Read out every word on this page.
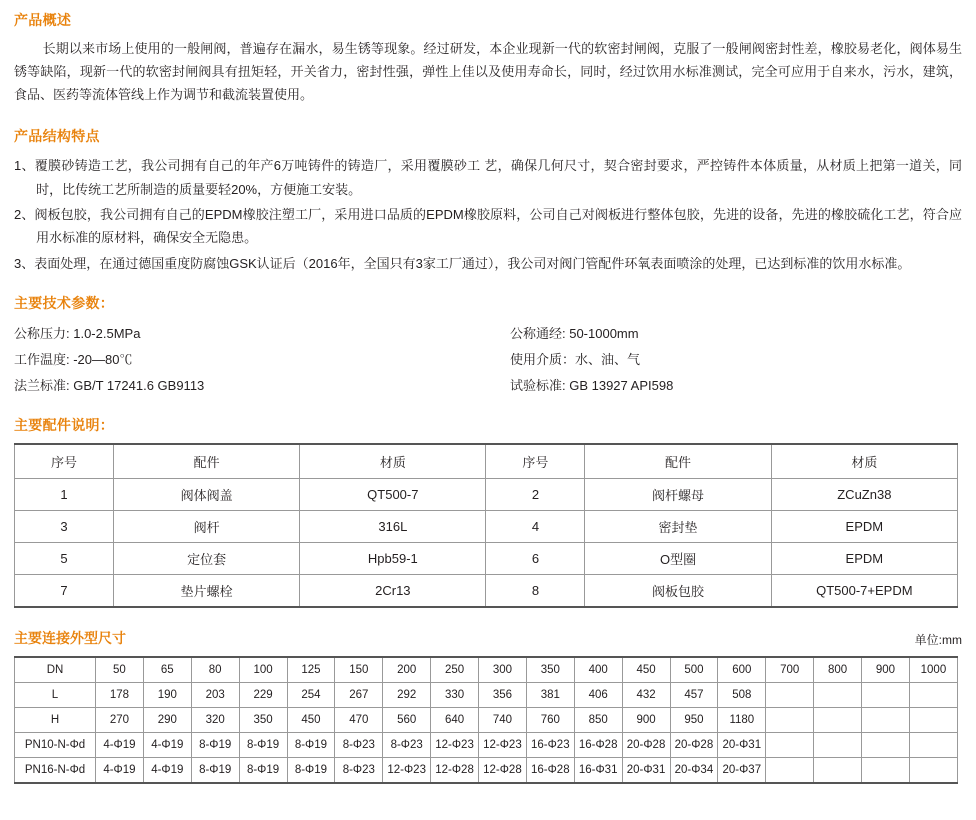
产品概述
长期以来市场上使用的一般闸阀，普遍存在漏水，易生锈等现象。经过研发，本企业现新一代的软密封闸阀，克服了一般闸阀密封性差，橡胶易老化，阀体易生锈等缺陷，现新一代的软密封闸阀具有扭矩轻，开关省力，密封性强，弹性上佳以及使用寿命长，同时，经过饮用水标准测试，完全可应用于自来水，污水，建筑，食品、医药等流体管线上作为调节和截流装置使用。
产品结构特点
1、覆膜砂铸造工艺，我公司拥有自己的年产6万吨铸件的铸造厂，采用覆膜砂工 艺，确保几何尺寸，契合密封要求，严控铸件本体质量，从材质上把第一道关，同时，比传统工艺所制造的质量要轻20%，方便施工安装。
2、阀板包胶，我公司拥有自己的EPDM橡胶注塑工厂，采用进口品质的EPDM橡胶原料，公司自己对阀板进行整体包胶，先进的设备，先进的橡胶硫化工艺，符合应用水标准的原材料，确保安全无隐患。
3、表面处理，在通过德国重度防腐蚀GSK认证后（2016年，全国只有3家工厂通过），我公司对阀门管配件环氧表面喷涂的处理，已达到标准的饮用水标准。
主要技术参数：
公称压力: 1.0-2.5MPa
工作温度: -20—80℃
法兰标准: GB/T 17241.6 GB9113
公称通经: 50-1000mm
使用介质：水、油、气
试验标准: GB 13927 API598
主要配件说明：
序号	配件	材质	序号	配件	材质
1	阀体阀盖	QT500-7	2	阀杆螺母	ZCuZn38
3	阀杆	316L	4	密封垫	EPDM
5	定位套	Hpb59-1	6	O型圈	EPDM
7	垫片螺栓	2Cr13	8	阀板包胶	QT500-7+EPDM
主要连接外型尺寸	单位:mm
DN	50	65	80	100	125	150	200	250	300	350	400	450	500	600	700	800	900	1000
L	178	190	203	229	254	267	292	330	356	381	406	432	457	508				
H	270	290	320	350	450	470	560	640	740	760	850	900	950	1180				
PN10-N-Φd	4-Φ19	4-Φ19	8-Φ19	8-Φ19	8-Φ19	8-Φ23	8-Φ23	12-Φ23	12-Φ23	16-Φ23	16-Φ28	20-Φ28	20-Φ28	20-Φ31				
PN16-N-Φd	4-Φ19	4-Φ19	8-Φ19	8-Φ19	8-Φ19	8-Φ23	12-Φ23	12-Φ28	12-Φ28	16-Φ28	16-Φ31	20-Φ31	20-Φ34	20-Φ37				
